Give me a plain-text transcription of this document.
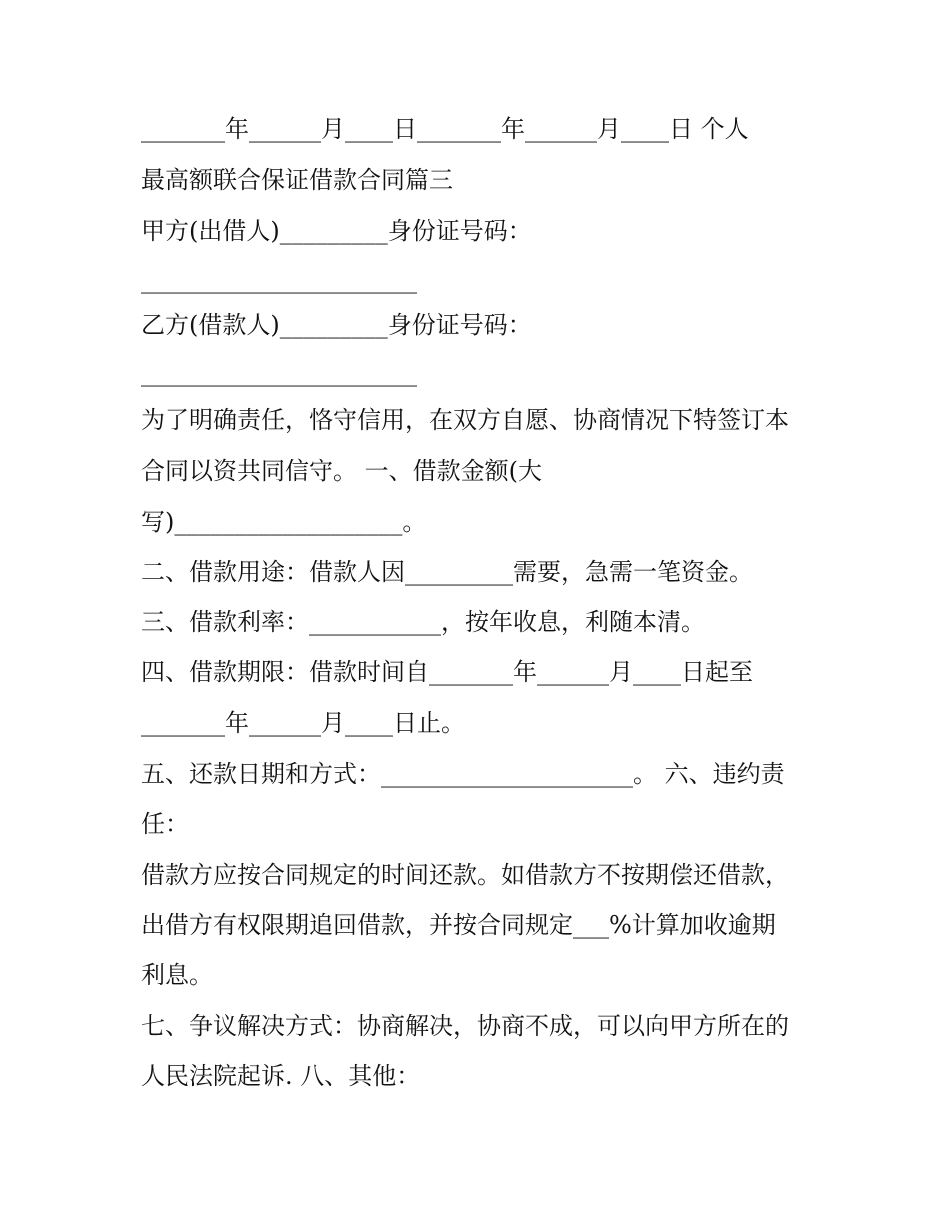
_______年______月____日_______年______月____日 个人

最高额联合保证借款合同篇三

甲方(出借人)_________身份证号码：

_______________________

乙方(借款人)_________身份证号码：

_______________________

为了明确责任，恪守信用，在双方自愿、协商情况下特签订本

合同以资共同信守。 一、借款金额(大

写)___________________。

二、借款用途：借款人因_________需要，急需一笔资金。

三、借款利率：___________，按年收息，利随本清。

四、借款期限：借款时间自_______年______月____日起至

_______年______月____日止。

五、还款日期和方式：_____________________。 六、违约责

任：

借款方应按合同规定的时间还款。如借款方不按期偿还借款，

出借方有权限期追回借款，并按合同规定___%计算加收逾期

利息。

七、争议解决方式：协商解决，协商不成，可以向甲方所在的

人民法院起诉. 八、其他：
